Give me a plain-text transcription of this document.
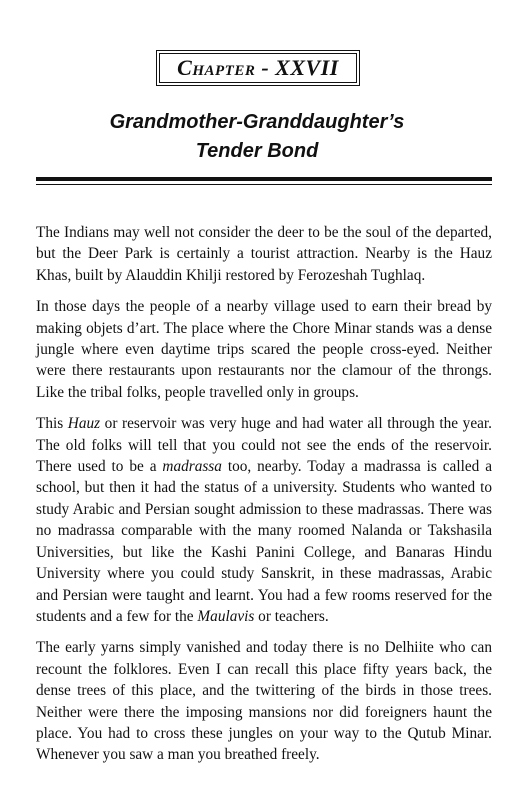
Chapter - XXVII
Grandmother-Granddaughter’s
Tender Bond

The Indians may well not consider the deer to be the soul of the departed, but the Deer Park is certainly a tourist attraction. Nearby is the Hauz Khas, built by Alauddin Khilji restored by Ferozeshah Tughlaq.

In those days the people of a nearby village used to earn their bread by making objets d’art. The place where the Chore Minar stands was a dense jungle where even daytime trips scared the people cross-eyed. Neither were there restaurants upon restaurants nor the clamour of the throngs. Like the tribal folks, people travelled only in groups.

This Hauz or reservoir was very huge and had water all through the year. The old folks will tell that you could not see the ends of the reservoir. There used to be a madrassa too, nearby. Today a madrassa is called a school, but then it had the status of a university. Students who wanted to study Arabic and Persian sought admission to these madrassas. There was no madrassa comparable with the many roomed Nalanda or Takshasila Universities, but like the Kashi Panini College, and Banaras Hindu University where you could study Sanskrit, in these madrassas, Arabic and Persian were taught and learnt. You had a few rooms reserved for the students and a few for the Maulavis or teachers.

The early yarns simply vanished and today there is no Delhiite who can recount the folklores. Even I can recall this place fifty years back, the dense trees of this place, and the twittering of the birds in those trees. Neither were there the imposing mansions nor did foreigners haunt the place. You had to cross these jungles on your way to the Qutub Minar. Whenever you saw a man you breathed freely.
